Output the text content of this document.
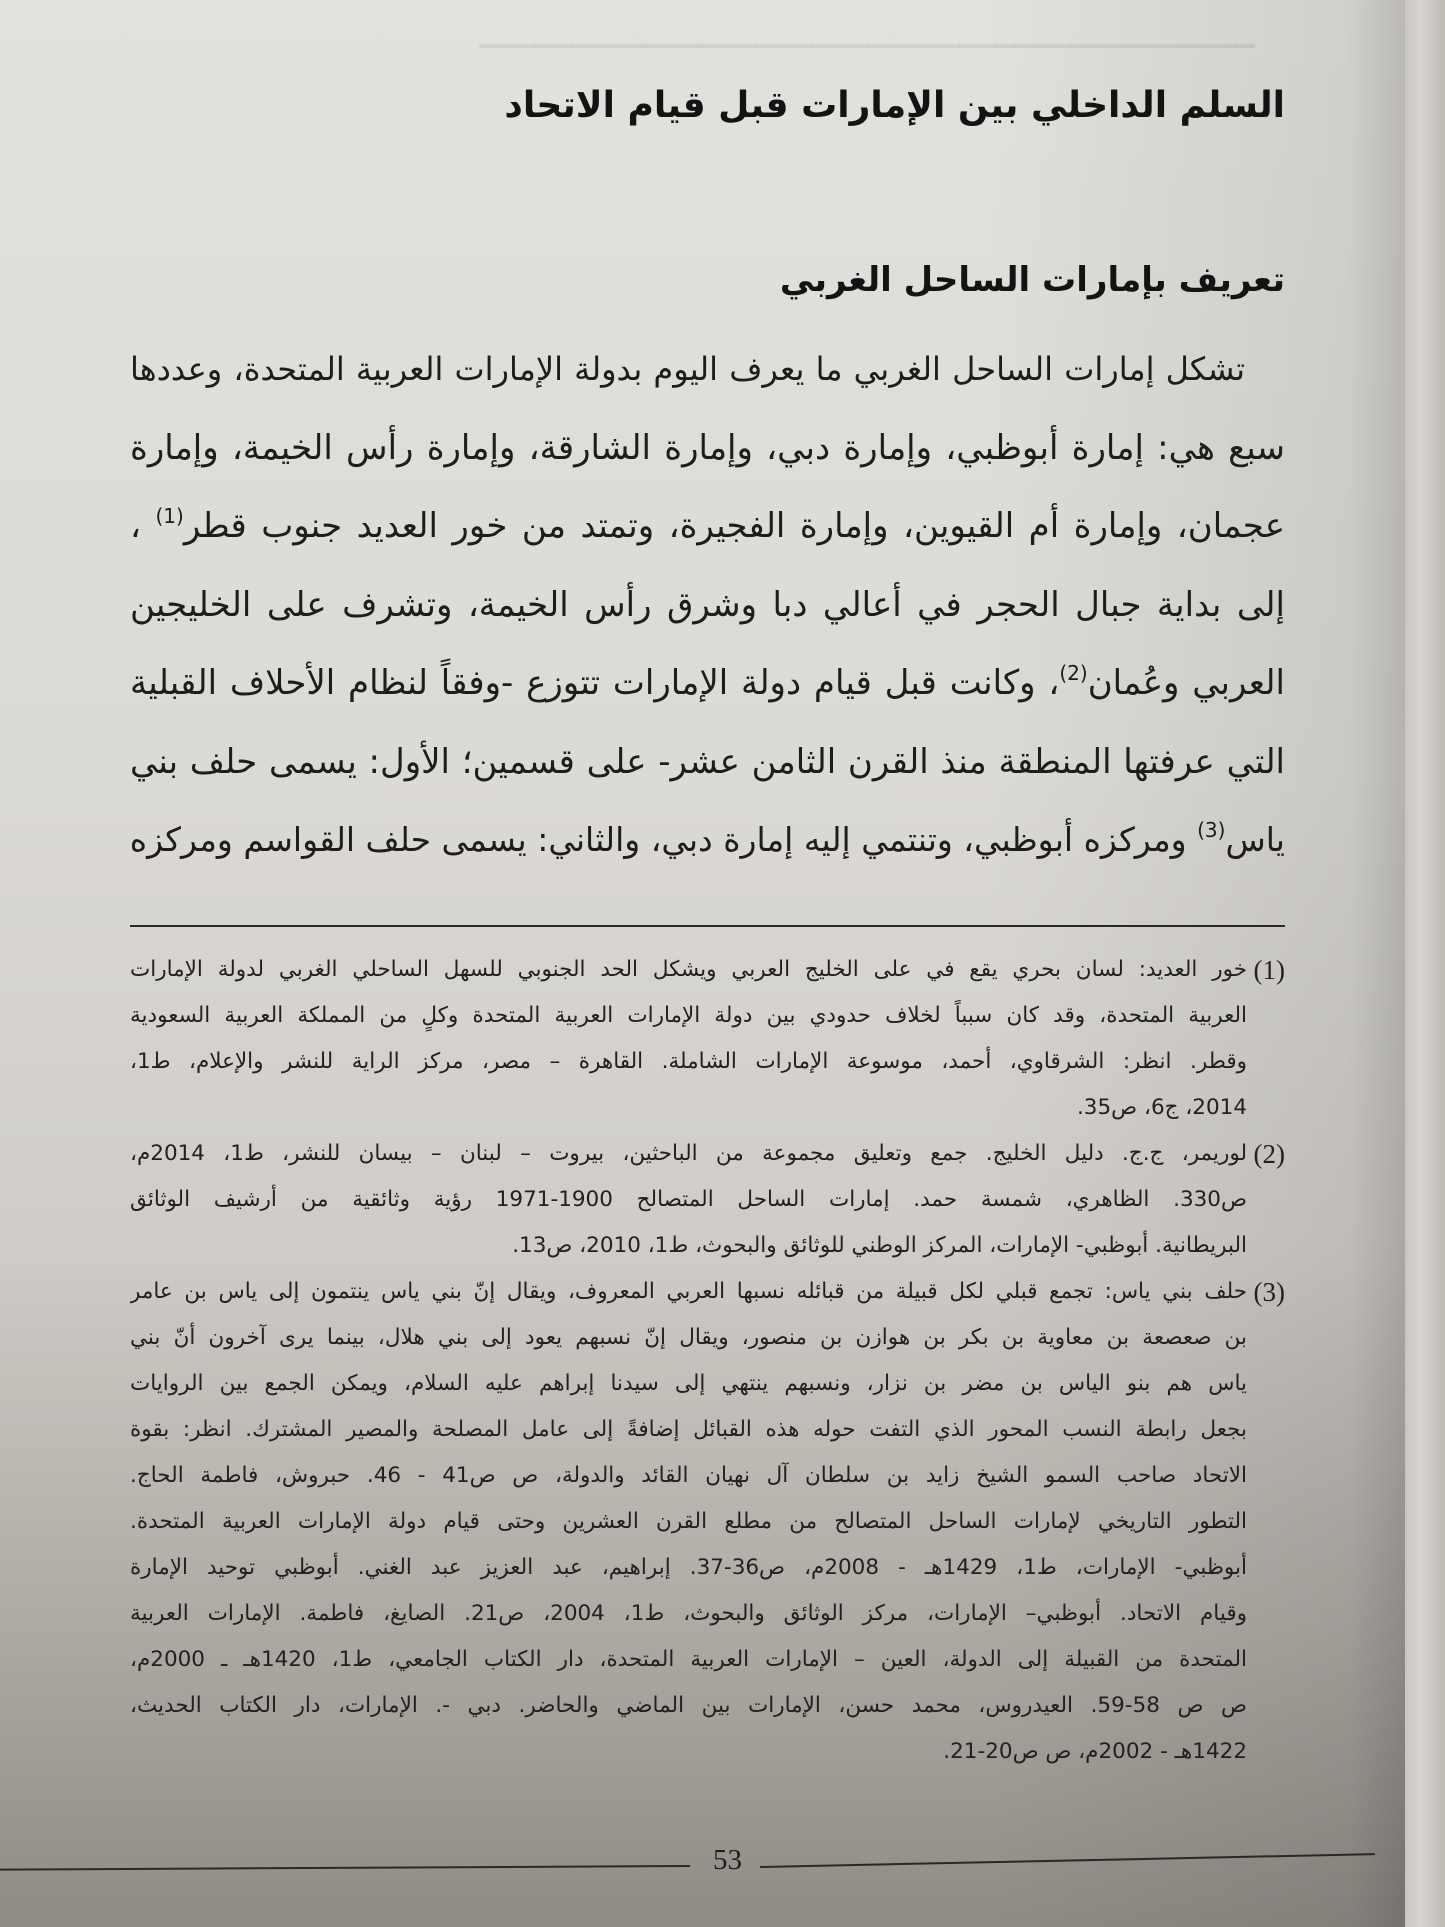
▁▁▁▁▁▁▁▁▁▁▁▁▁▁▁▁▁▁▁▁▁▁▁▁▁▁▁▁▁▁▁▁▁▁▁▁▁▁▁▁▁▁
السلم الداخلي بين الإمارات قبل قيام الاتحاد
تعريف بإمارات الساحل الغربي
تشكل إمارات الساحل الغربي ما يعرف اليوم بدولة الإمارات العربية المتحدة، وعددها
سبع هي: إمارة أبوظبي، وإمارة دبي، وإمارة الشارقة، وإمارة رأس الخيمة، وإمارة
عجمان، وإمارة أم القيوين، وإمارة الفجيرة، وتمتد من خور العديد جنوب قطر$^{(1)}$ ،
إلى بداية جبال الحجر في أعالي دبا وشرق رأس الخيمة، وتشرف على الخليجين
العربي وعُمان$^{(2)}$، وكانت قبل قيام دولة الإمارات تتوزع -وفقاً لنظام الأحلاف القبلية
التي عرفتها المنطقة منذ القرن الثامن عشر- على قسمين؛ الأول: يسمى حلف بني
ياس$^{(3)}$ ومركزه أبوظبي، وتنتمي إليه إمارة دبي، والثاني: يسمى حلف القواسم ومركزه
(1)
خور العديد: لسان بحري يقع في على الخليج العربي ويشكل الحد الجنوبي للسهل الساحلي الغربي لدولة الإمارات
العربية المتحدة، وقد كان سبباً لخلاف حدودي بين دولة الإمارات العربية المتحدة وكلٍ من المملكة العربية السعودية
وقطر. انظر: الشرقاوي، أحمد، موسوعة الإمارات الشاملة. القاهرة – مصر، مركز الراية للنشر والإعلام، ط1،
2014، ج6، ص35.
(2)
لوريمر، ج.ج. دليل الخليج. جمع وتعليق مجموعة من الباحثين، بيروت – لبنان – بيسان للنشر، ط1، 2014م،
ص330. الظاهري، شمسة حمد. إمارات الساحل المتصالح 1900-1971 رؤية وثائقية من أرشيف الوثائق
البريطانية. أبوظبي- الإمارات، المركز الوطني للوثائق والبحوث، ط1، 2010، ص13.
(3)
حلف بني ياس: تجمع قبلي لكل قبيلة من قبائله نسبها العربي المعروف، ويقال إنّ بني ياس ينتمون إلى ياس بن عامر
بن صعصعة بن معاوية بن بكر بن هوازن بن منصور، ويقال إنّ نسبهم يعود إلى بني هلال، بينما يرى آخرون أنّ بني
ياس هم بنو الياس بن مضر بن نزار، ونسبهم ينتهي إلى سيدنا إبراهم عليه السلام، ويمكن الجمع بين الروايات
بجعل رابطة النسب المحور الذي التفت حوله هذه القبائل إضافةً إلى عامل المصلحة والمصير المشترك. انظر: بقوة
الاتحاد صاحب السمو الشيخ زايد بن سلطان آل نهيان القائد والدولة، ص ص41 - 46. حبروش، فاطمة الحاج.
التطور التاريخي لإمارات الساحل المتصالح من مطلع القرن العشرين وحتى قيام دولة الإمارات العربية المتحدة.
أبوظبي- الإمارات، ط1، 1429هـ - 2008م، ص36-37. إبراهيم، عبد العزيز عبد الغني. أبوظبي توحيد الإمارة
وقيام الاتحاد. أبوظبي– الإمارات، مركز الوثائق والبحوث، ط1، 2004، ص21. الصايغ، فاطمة. الإمارات العربية
المتحدة من القبيلة إلى الدولة، العين – الإمارات العربية المتحدة، دار الكتاب الجامعي، ط1، 1420هـ ـ 2000م،
ص ص 58-59. العيدروس، محمد حسن، الإمارات بين الماضي والحاضر. دبي -. الإمارات، دار الكتاب الحديث،
1422هـ - 2002م، ص ص20-21.
53
